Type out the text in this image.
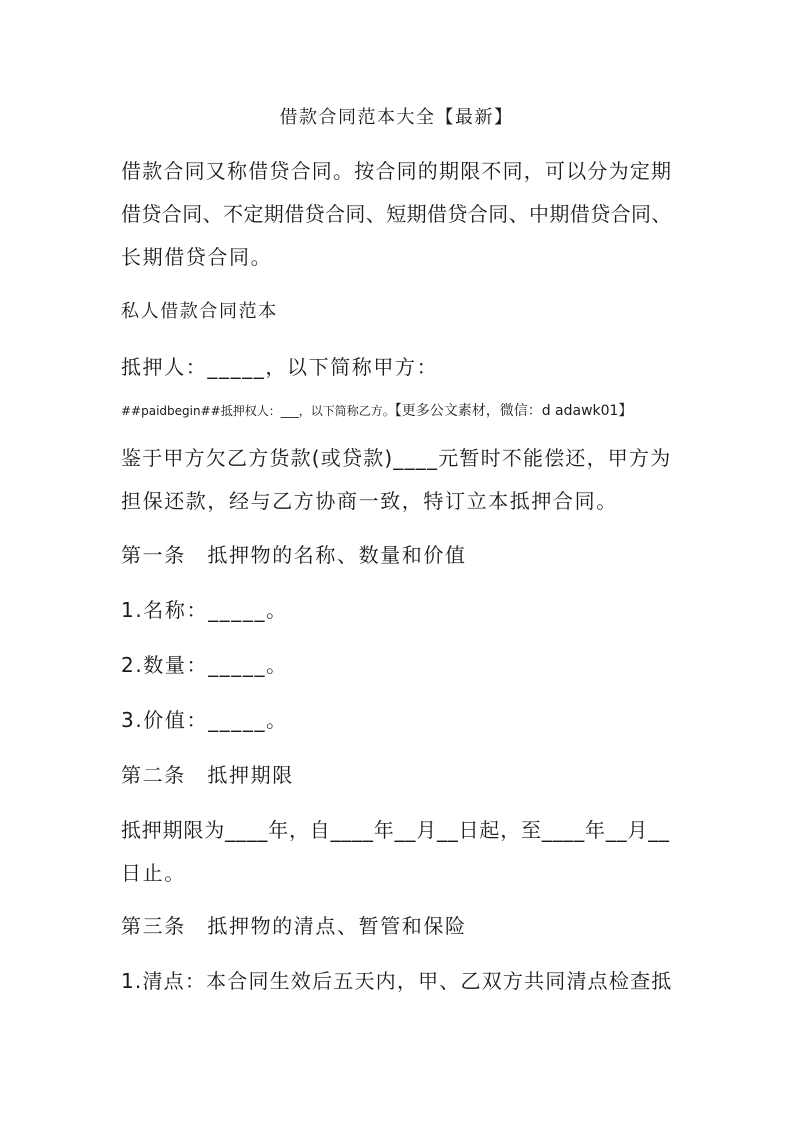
借款合同范本大全【最新】
借款合同又称借贷合同。按合同的期限不同，可以分为定期
借贷合同、不定期借贷合同、短期借贷合同、中期借贷合同、
长期借贷合同。
私人借款合同范本
抵押人：_____，以下简称甲方：
##paidbegin##抵押权人：___，以下简称乙方。【更多公文素材，微信：d adawk01】
鉴于甲方欠乙方货款(或贷款)____元暂时不能偿还，甲方为
担保还款，经与乙方协商一致，特订立本抵押合同。
第一条　抵押物的名称、数量和价值
1.名称：_____。
2.数量：_____。
3.价值：_____。
第二条　抵押期限
抵押期限为____年，自____年__月__日起，至____年__月__
日止。
第三条　抵押物的清点、暂管和保险
1.清点：本合同生效后五天内，甲、乙双方共同清点检查抵
